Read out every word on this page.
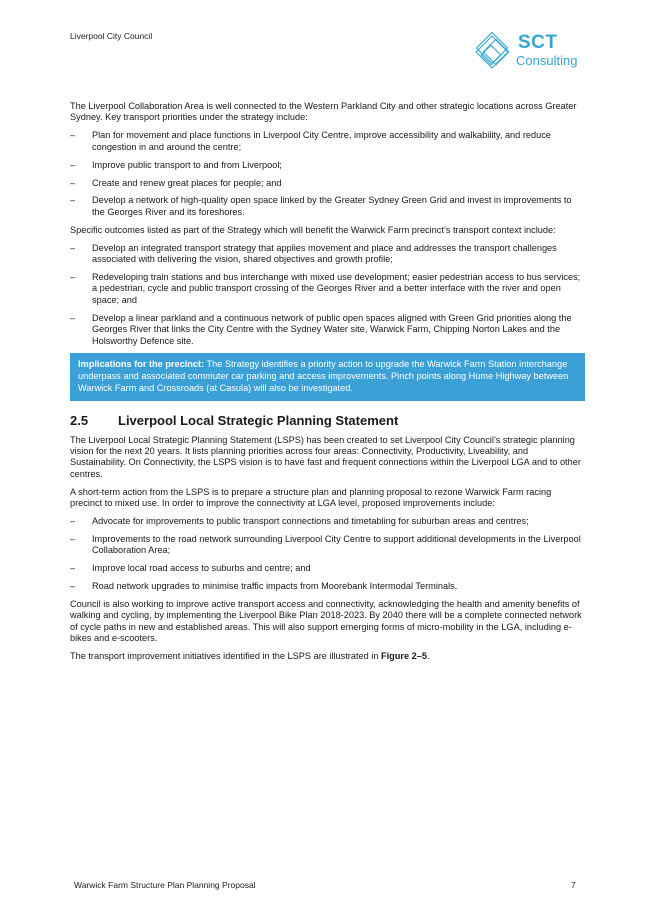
Liverpool City Council	SCT
Consulting

The Liverpool Collaboration Area is well connected to the Western Parkland City and other strategic locations across Greater Sydney. Key transport priorities under the strategy include:

– Plan for movement and place functions in Liverpool City Centre, improve accessibility and walkability, and reduce congestion in and around the centre;
– Improve public transport to and from Liverpool;
– Create and renew great places for people; and
– Develop a network of high-quality open space linked by the Greater Sydney Green Grid and invest in improvements to the Georges River and its foreshores.

Specific outcomes listed as part of the Strategy which will benefit the Warwick Farm precinct’s transport context include:

– Develop an integrated transport strategy that applies movement and place and addresses the transport challenges associated with delivering the vision, shared objectives and growth profile;
– Redeveloping train stations and bus interchange with mixed use development; easier pedestrian access to bus services; a pedestrian, cycle and public transport crossing of the Georges River and a better interface with the river and open space; and
– Develop a linear parkland and a continuous network of public open spaces aligned with Green Grid priorities along the Georges River that links the City Centre with the Sydney Water site, Warwick Farm, Chipping Norton Lakes and the Holsworthy Defence site.
Implications for the precinct: The Strategy identifies a priority action to upgrade the Warwick Farm Station interchange underpass and associated commuter car parking and access improvements. Pinch points along Hume Highway between Warwick Farm and Crossroads (at Casula) will also be investigated.
2.5	Liverpool Local Strategic Planning Statement

The Liverpool Local Strategic Planning Statement (LSPS) has been created to set Liverpool City Council’s strategic planning vision for the next 20 years. It lists planning priorities across four areas: Connectivity, Productivity, Liveability, and Sustainability. On Connectivity, the LSPS vision is to have fast and frequent connections within the Liverpool LGA and to other centres.

A short-term action from the LSPS is to prepare a structure plan and planning proposal to rezone Warwick Farm racing precinct to mixed use. In order to improve the connectivity at LGA level, proposed improvements include:

– Advocate for improvements to public transport connections and timetabling for suburban areas and centres;
– Improvements to the road network surrounding Liverpool City Centre to support additional developments in the Liverpool Collaboration Area;
– Improve local road access to suburbs and centre; and
– Road network upgrades to minimise traffic impacts from Moorebank Intermodal Terminals.

Council is also working to improve active transport access and connectivity, acknowledging the health and amenity benefits of walking and cycling, by implementing the Liverpool Bike Plan 2018-2023. By 2040 there will be a complete connected network of cycle paths in new and established areas. This will also support emerging forms of micro-mobility in the LGA, including e-bikes and e-scooters.

The transport improvement initiatives identified in the LSPS are illustrated in Figure 2–5.

Warwick Farm Structure Plan Planning Proposal	7
